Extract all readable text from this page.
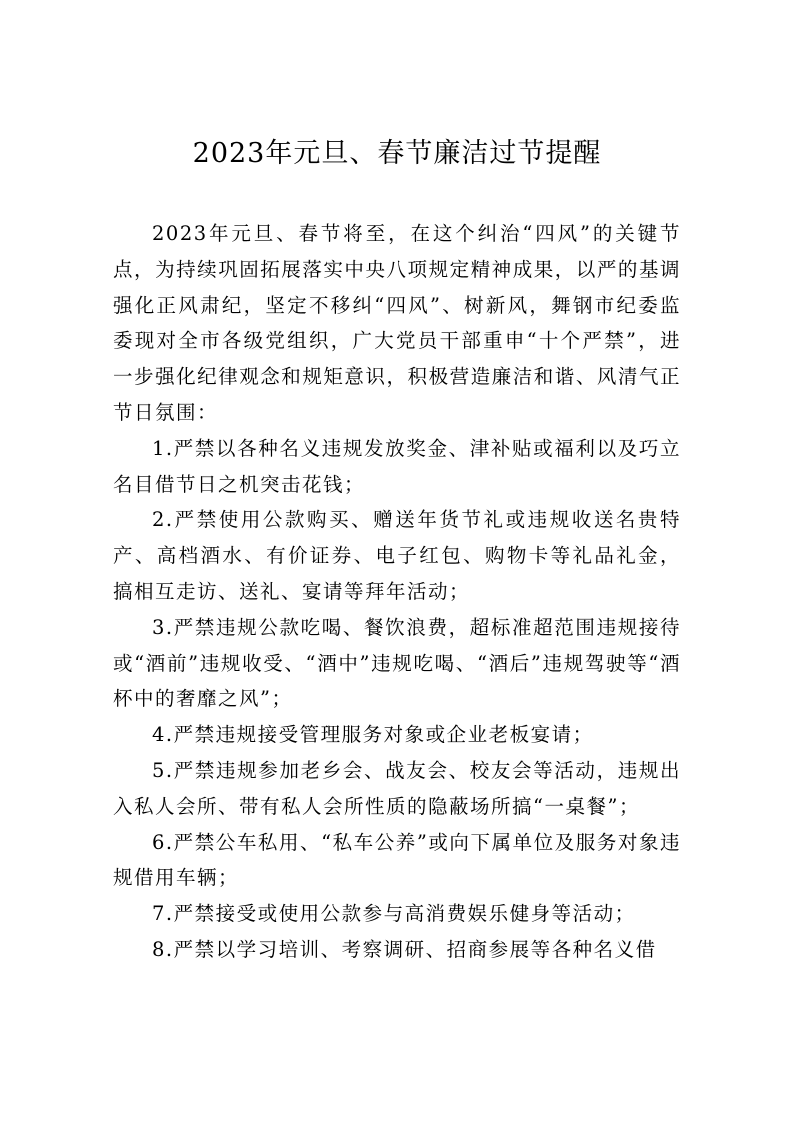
2023年元旦、春节廉洁过节提醒

2023年元旦、春节将至，在这个纠治“四风”的关键节点，为持续巩固拓展落实中央八项规定精神成果，以严的基调强化正风肃纪，坚定不移纠“四风”、树新风，舞钢市纪委监委现对全市各级党组织，广大党员干部重申“十个严禁”，进一步强化纪律观念和规矩意识，积极营造廉洁和谐、风清气正节日氛围：

1.严禁以各种名义违规发放奖金、津补贴或福利以及巧立名目借节日之机突击花钱；

2.严禁使用公款购买、赠送年货节礼或违规收送名贵特产、高档酒水、有价证券、电子红包、购物卡等礼品礼金， 搞相互走访、送礼、宴请等拜年活动；

3.严禁违规公款吃喝、餐饮浪费，超标准超范围违规接待或“酒前”违规收受、“酒中”违规吃喝、“酒后”违规驾驶等“酒杯中的奢靡之风”；

4.严禁违规接受管理服务对象或企业老板宴请；

5.严禁违规参加老乡会、战友会、校友会等活动，违规出入私人会所、带有私人会所性质的隐蔽场所搞“一桌餐”；

6.严禁公车私用、“私车公养”或向下属单位及服务对象违规借用车辆；

7.严禁接受或使用公款参与高消费娱乐健身等活动；

8.严禁以学习培训、考察调研、招商参展等各种名义借
